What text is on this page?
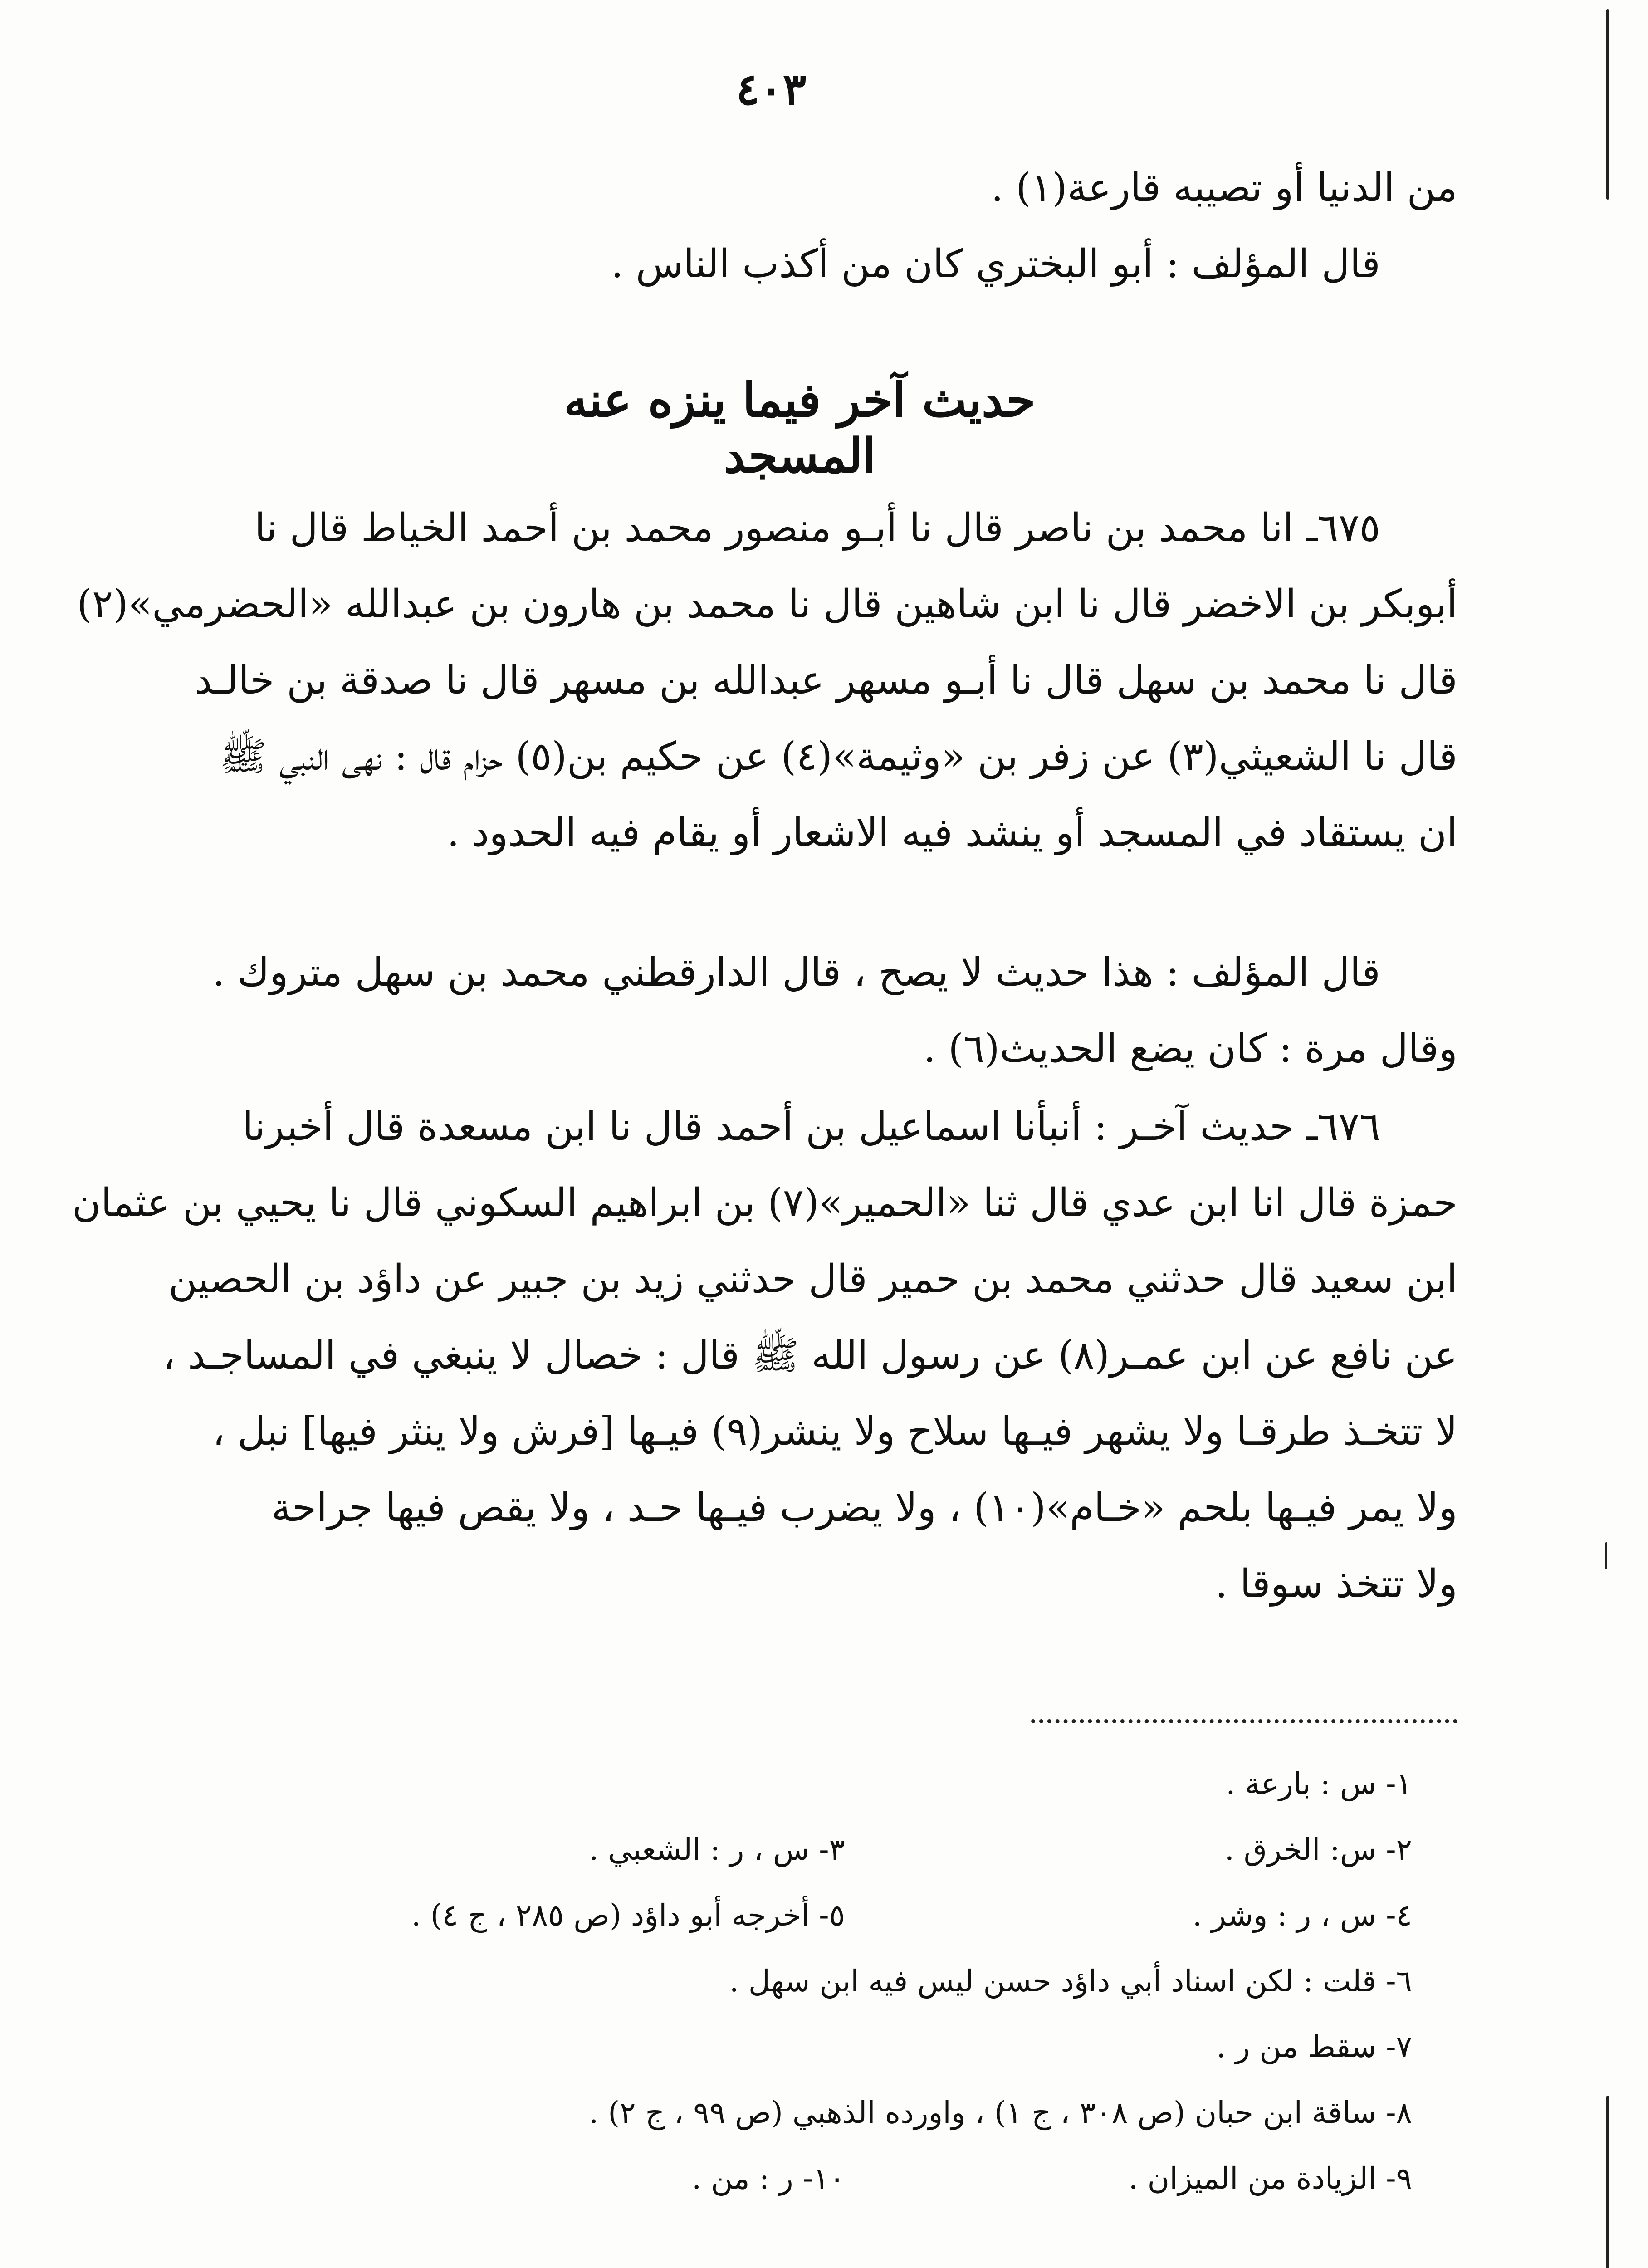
٤٠٣
من الدنيا أو تصيبه قارعة(١) .
قال المؤلف : أبو البختري كان من أكذب الناس .
حديث آخر فيما ينزه عنه المسجد
٦٧٥ـ انا محمد بن ناصر قال نا أبـو منصور محمد بن أحمد الخياط قال نا
أبوبكر بن الاخضر قال نا ابن شاهين قال نا محمد بن هارون بن عبدالله «الحضرمي»(٢)
قال نا محمد بن سهل قال نا أبـو مسهر عبدالله بن مسهر قال نا صدقة بن خالـد
قال نا الشعيثي(٣) عن زفر بن «وثيمة»(٤) عن حكيم بن(٥) حزام قال : نهى النبي ﷺ
ان يستقاد في المسجد أو ينشد فيه الاشعار أو يقام فيه الحدود .
قال المؤلف : هذا حديث لا يصح ، قال الدارقطني محمد بن سهل متروك .
وقال مرة : كان يضع الحديث(٦) .
٦٧٦ـ حديث آخـر : أنبأنا اسماعيل بن أحمد قال نا ابن مسعدة قال أخبرنا
حمزة قال انا ابن عدي قال ثنا «الحمير»(٧) بن ابراهيم السكوني قال نا يحيي بن عثمان
ابن سعيد قال حدثني محمد بن حمير قال حدثني زيد بن جبير عن داؤد بن الحصين
عن نافع عن ابن عمـر(٨) عن رسول الله ﷺ قال : خصال لا ينبغي في المساجـد ،
لا تتخـذ طرقـا ولا يشهر فيـها سلاح ولا ينشر(٩) فيـها [فرش ولا ينثر فيها] نبل ،
ولا يمر فيـها بلحم «خـام»(١٠) ، ولا يضرب فيـها حـد ، ولا يقص فيها جراحة
ولا تتخذ سوقا .
١- س : بارعة .
٢- س: الخرق .
٣- س ، ر : الشعبي .
٤- س ، ر : وشر .
٥- أخرجه أبو داؤد (ص ٢٨٥ ، ج ٤) .
٦- قلت : لكن اسناد أبي داؤد حسن ليس فيه ابن سهل .
٧- سقط من ر .
٨- ساقة ابن حبان (ص ٣٠٨ ، ج ١) ، واورده الذهبي (ص ٩٩ ، ج ٢) .
٩- الزيادة من الميزان .
١٠- ر : من .
